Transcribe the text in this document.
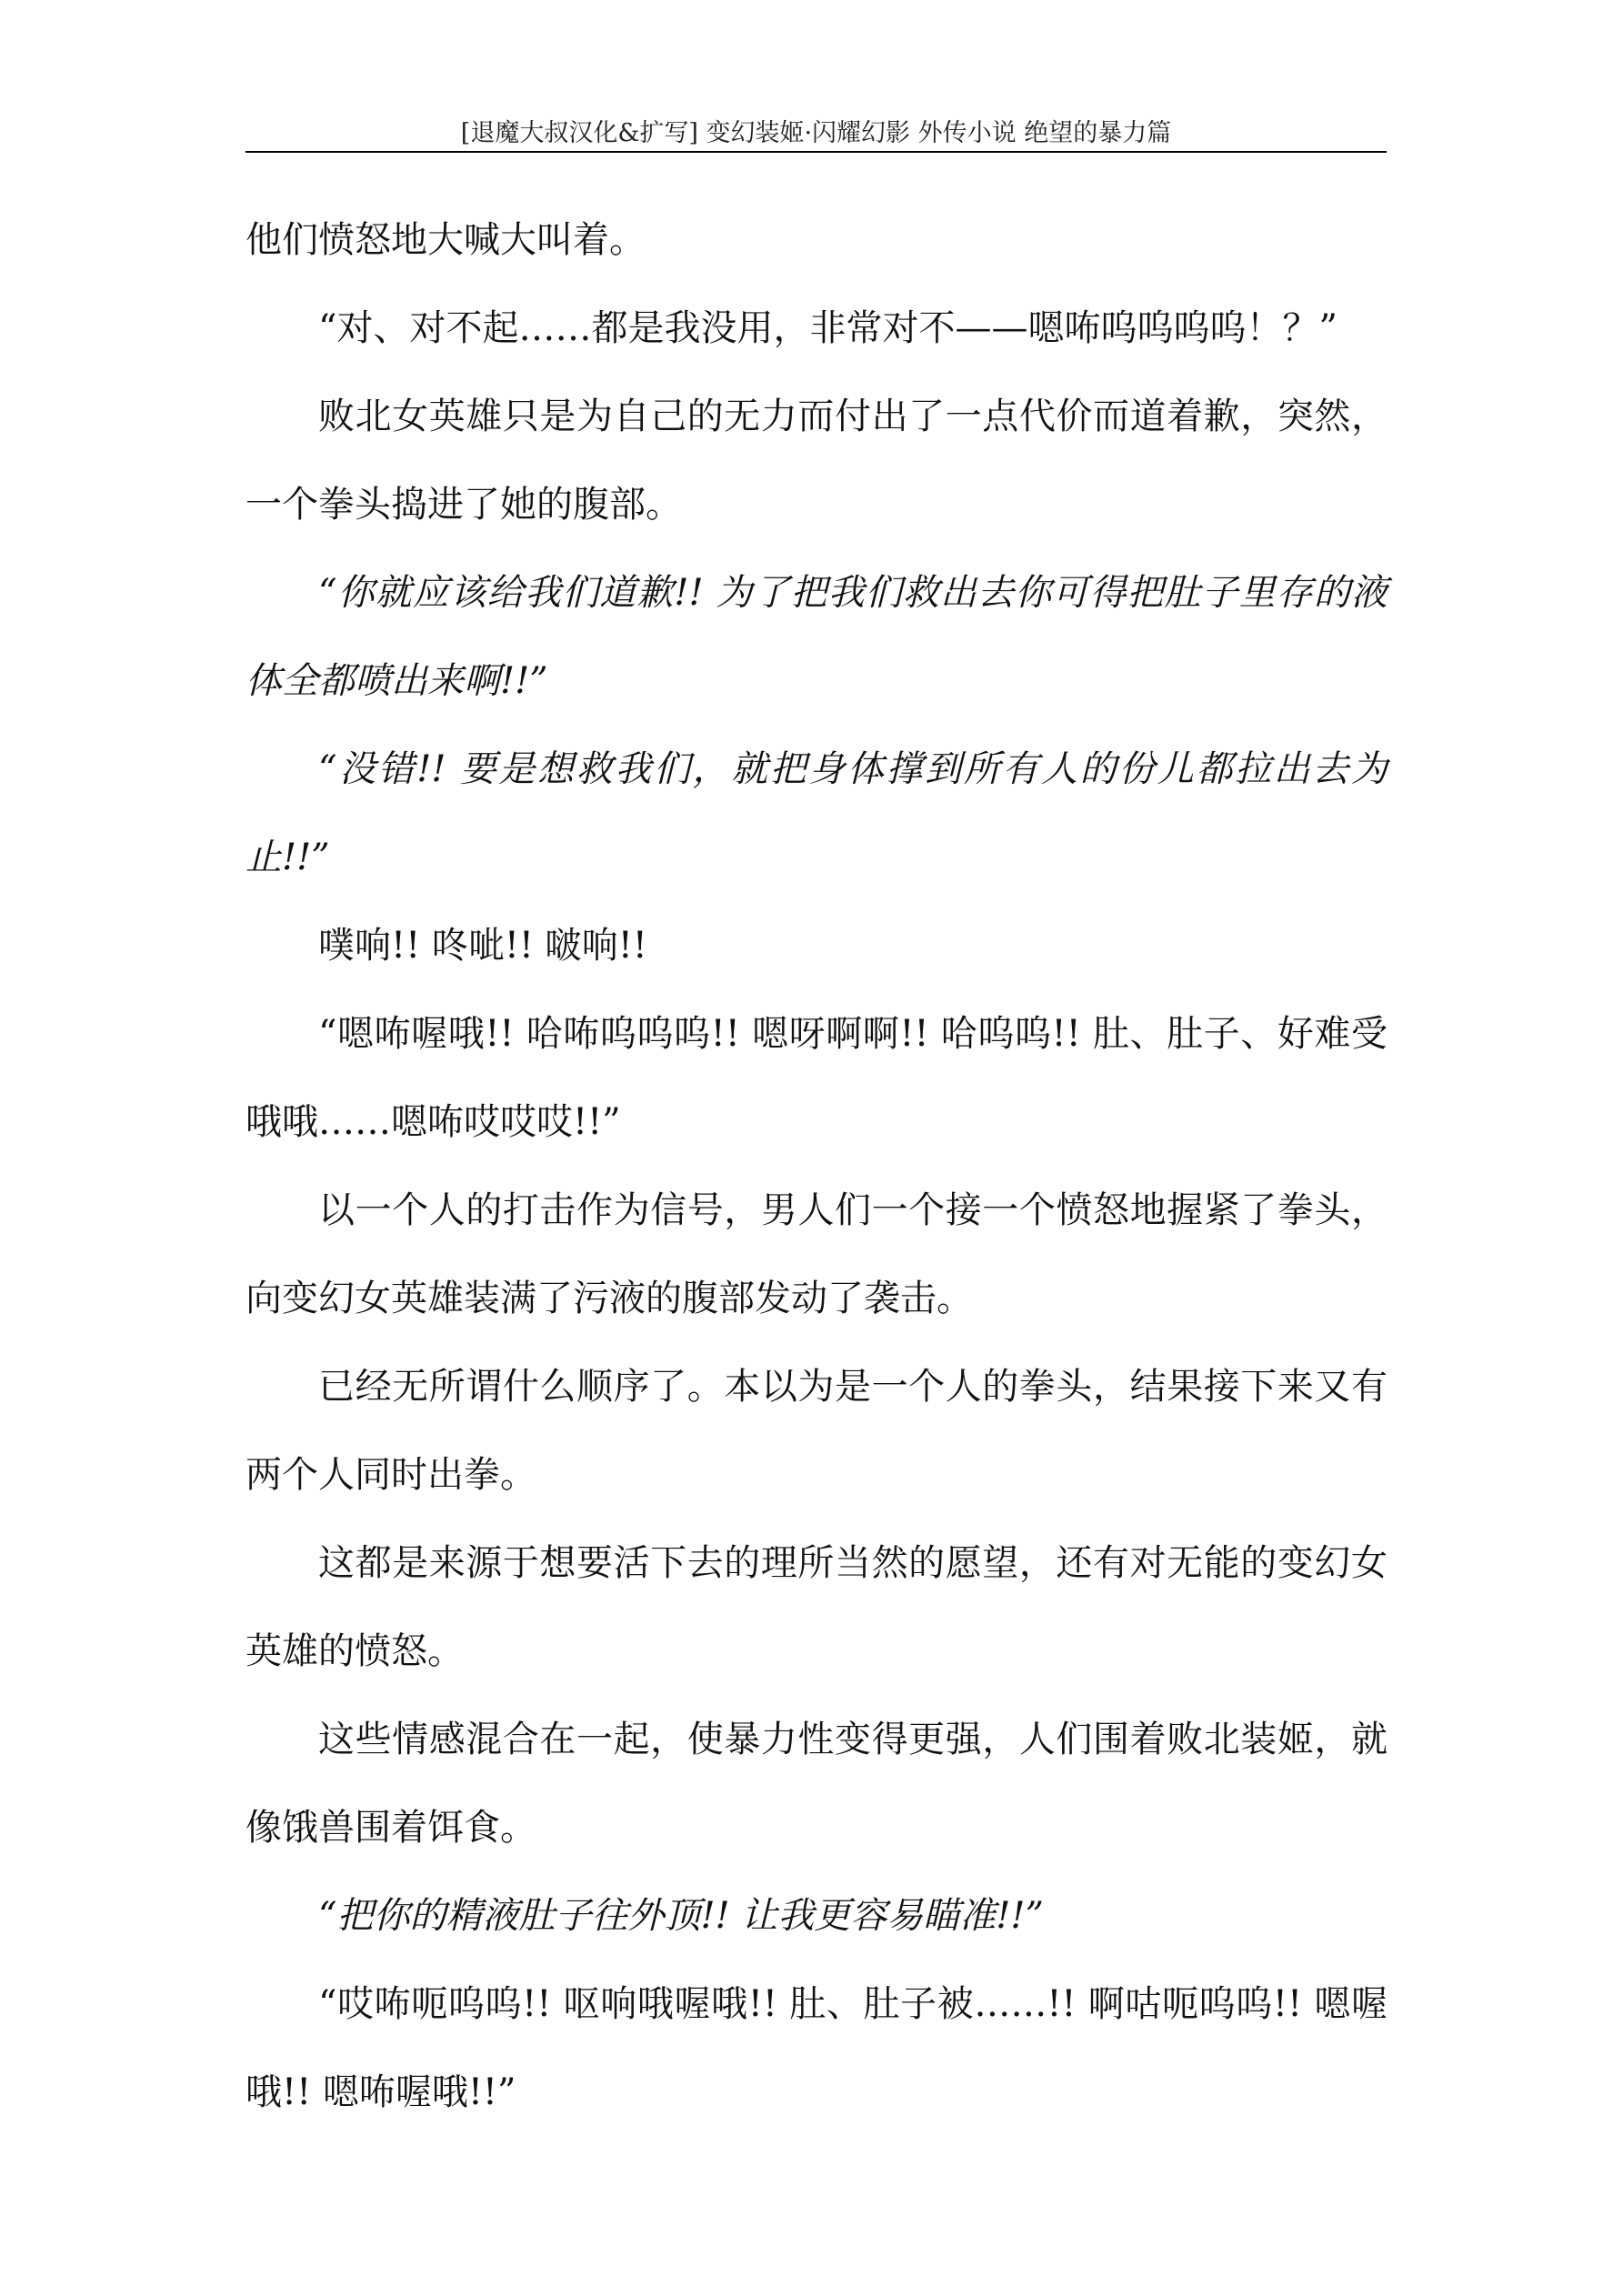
[退魔大叔汉化&扩写] 变幻装姬·闪耀幻影 外传小说 绝望的暴力篇

他们愤怒地大喊大叫着。

“对、对不起……都是我没用，非常对不——嗯咘呜呜呜呜！？”

败北女英雄只是为自己的无力而付出了一点代价而道着歉，突然，一个拳头捣进了她的腹部。

“你就应该给我们道歉!! 为了把我们救出去你可得把肚子里存的液体全都喷出来啊!!”

“没错!! 要是想救我们，就把身体撑到所有人的份儿都拉出去为止!!”

噗响!! 咚呲!! 啵响!!

“嗯咘喔哦!! 哈咘呜呜呜!! 嗯呀啊啊!! 哈呜呜!! 肚、肚子、好难受哦哦……嗯咘哎哎哎!!”

以一个人的打击作为信号，男人们一个接一个愤怒地握紧了拳头，向变幻女英雄装满了污液的腹部发动了袭击。

已经无所谓什么顺序了。本以为是一个人的拳头，结果接下来又有两个人同时出拳。

这都是来源于想要活下去的理所当然的愿望，还有对无能的变幻女英雄的愤怒。

这些情感混合在一起，使暴力性变得更强，人们围着败北装姬，就像饿兽围着饵食。

“把你的精液肚子往外顶!! 让我更容易瞄准!!”

“哎咘呃呜呜!! 呕响哦喔哦!! 肚、肚子被……!! 啊咕呃呜呜!! 嗯喔哦!! 嗯咘喔哦!!”
